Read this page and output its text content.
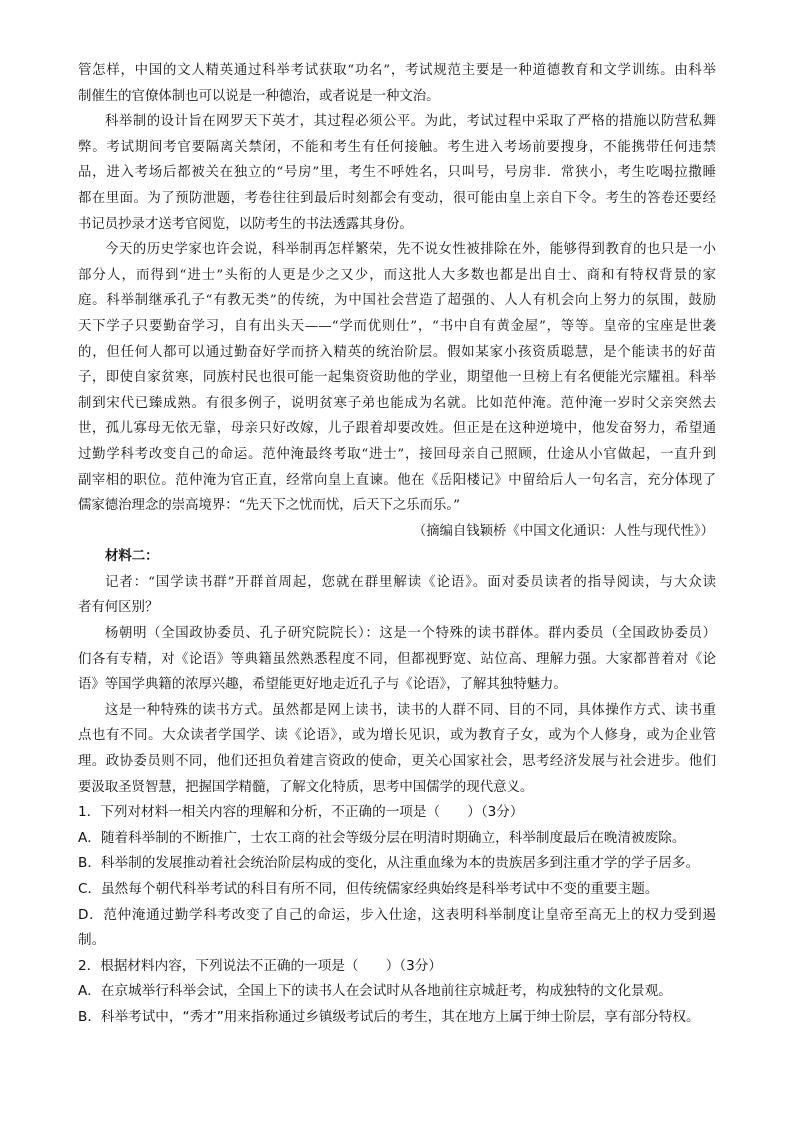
管怎样，中国的文人精英通过科举考试获取“功名”，考试规范主要是一种道德教育和文学训练。由科举
制催生的官僚体制也可以说是一种德治，或者说是一种文治。
科举制的设计旨在网罗天下英才，其过程必须公平。为此，考试过程中采取了严格的措施以防营私舞
弊。考试期间考官要隔离关禁闭，不能和考生有任何接触。考生进入考场前要搜身，不能携带任何违禁
品，进入考场后都被关在独立的“号房”里，考生不呼姓名，只叫号，号房非．常狭小，考生吃喝拉撒睡
都在里面。为了预防泄题，考卷往往到最后时刻都会有变动，很可能由皇上亲自下令。考生的答卷还要经
书记员抄录才送考官阅览，以防考生的书法透露其身份。
今天的历史学家也许会说，科举制再怎样繁荣，先不说女性被排除在外，能够得到教育的也只是一小
部分人，而得到“进士”头衔的人更是少之又少，而这批人大多数也都是出自士、商和有特权背景的家
庭。科举制继承孔子“有教无类”的传统，为中国社会营造了超强的、人人有机会向上努力的氛围，鼓励
天下学子只要勤奋学习，自有出头天——“学而优则仕”，“书中自有黄金屋”，等等。皇帝的宝座是世袭
的，但任何人都可以通过勤奋好学而挤入精英的统治阶层。假如某家小孩资质聪慧，是个能读书的好苗
子，即使自家贫寒，同族村民也很可能一起集资资助他的学业，期望他一旦榜上有名便能光宗耀祖。科举
制到宋代已臻成熟。有很多例子，说明贫寒子弟也能成为名就。比如范仲淹。范仲淹一岁时父亲突然去
世，孤儿寡母无依无靠，母亲只好改嫁，儿子跟着却要改姓。但正是在这种逆境中，他发奋努力，希望通
过勤学科考改变自己的命运。范仲淹最终考取“进士”，接回母亲自己照顾，仕途从小官做起，一直升到
副宰相的职位。范仲淹为官正直，经常向皇上直谏。他在《岳阳楼记》中留给后人一句名言，充分体现了
儒家德治理念的崇高境界：“先天下之忧而忧，后天下之乐而乐。”
（摘编自钱颖桥《中国文化通识：人性与现代性》）
材料二：
记者：“国学读书群”开群首周起，您就在群里解读《论语》。面对委员读者的指导阅读，与大众读
者有何区别？
杨朝明（全国政协委员、孔子研究院院长）：这是一个特殊的读书群体。群内委员（全国政协委员）
们各有专精，对《论语》等典籍虽然熟悉程度不同，但都视野宽、站位高、理解力强。大家都普着对《论
语》等国学典籍的浓厚兴趣，希望能更好地走近孔子与《论语》，了解其独特魅力。
这是一种特殊的读书方式。虽然都是网上读书，读书的人群不同、目的不同，具体操作方式、读书重
点也有不同。大众读者学国学、读《论语》，或为增长见识，或为教育子女，或为个人修身，或为企业管
理。政协委员则不同，他们还担负着建言资政的使命，更关心国家社会，思考经济发展与社会进步。他们
要汲取圣贤智慧，把握国学精髓，了解文化特质，思考中国儒学的现代意义。
1．下列对材料一相关内容的理解和分析，不正确的一项是（　　）（3分）
A．随着科举制的不断推广，士农工商的社会等级分层在明清时期确立，科举制度最后在晚清被废除。
B．科举制的发展推动着社会统治阶层构成的变化，从注重血缘为本的贵族居多到注重才学的学子居多。
C．虽然每个朝代科举考试的科目有所不同，但传统儒家经典始终是科举考试中不变的重要主题。
D．范仲淹通过勤学科考改变了自己的命运，步入仕途，这表明科举制度让皇帝至高无上的权力受到遏
制。
2．根据材料内容，下列说法不正确的一项是（　　）（3分）
A．在京城举行科举会试，全国上下的读书人在会试时从各地前往京城赶考，构成独特的文化景观。
B．科举考试中，“秀才”用来指称通过乡镇级考试后的考生，其在地方上属于绅士阶层，享有部分特权。
